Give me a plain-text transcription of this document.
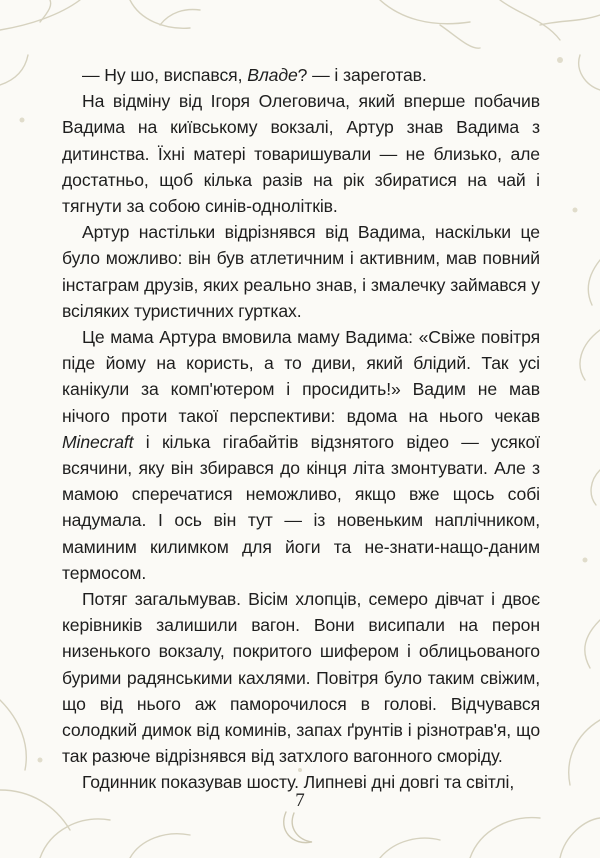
— Ну шо, виспався, Владе? — і зареготав.

На відміну від Ігоря Олеговича, який вперше побачив Вадима на київському вокзалі, Артур знав Вадима з дитинства. Їхні матері товаришували — не близько, але достатньо, щоб кілька разів на рік збиратися на чай і тягнути за собою синів-однолітків.

Артур настільки відрізнявся від Вадима, наскільки це було можливо: він був атлетичним і активним, мав повний інстаграм друзів, яких реально знав, і змалечку займався у всіляких туристичних гуртках.

Це мама Артура вмовила маму Вадима: «Свіже повітря піде йому на користь, а то диви, який блідий. Так усі канікули за комп'ютером і просидить!» Вадим не мав нічого проти такої перспективи: вдома на нього чекав Minecraft і кілька гігабайтів відзнятого відео — усякої всячини, яку він збирався до кінця літа змонтувати. Але з мамою сперечатися неможливо, якщо вже щось собі надумала. І ось він тут — із новеньким наплічником, маминим килимком для йоги та не-знати-нащо-даним термосом.

Потяг загальмував. Вісім хлопців, семеро дівчат і двоє керівників залишили вагон. Вони висипали на перон низенького вокзалу, покритого шифером і облицьованого бурими радянськими кахлями. Повітря було таким свіжим, що від нього аж паморочилося в голові. Відчувався солодкий димок від коминів, запах ґрунтів і різнотрав'я, що так разюче відрізнявся від затхлого вагонного сморіду.

Годинник показував шосту. Липневі дні довгі та світлі,

7
